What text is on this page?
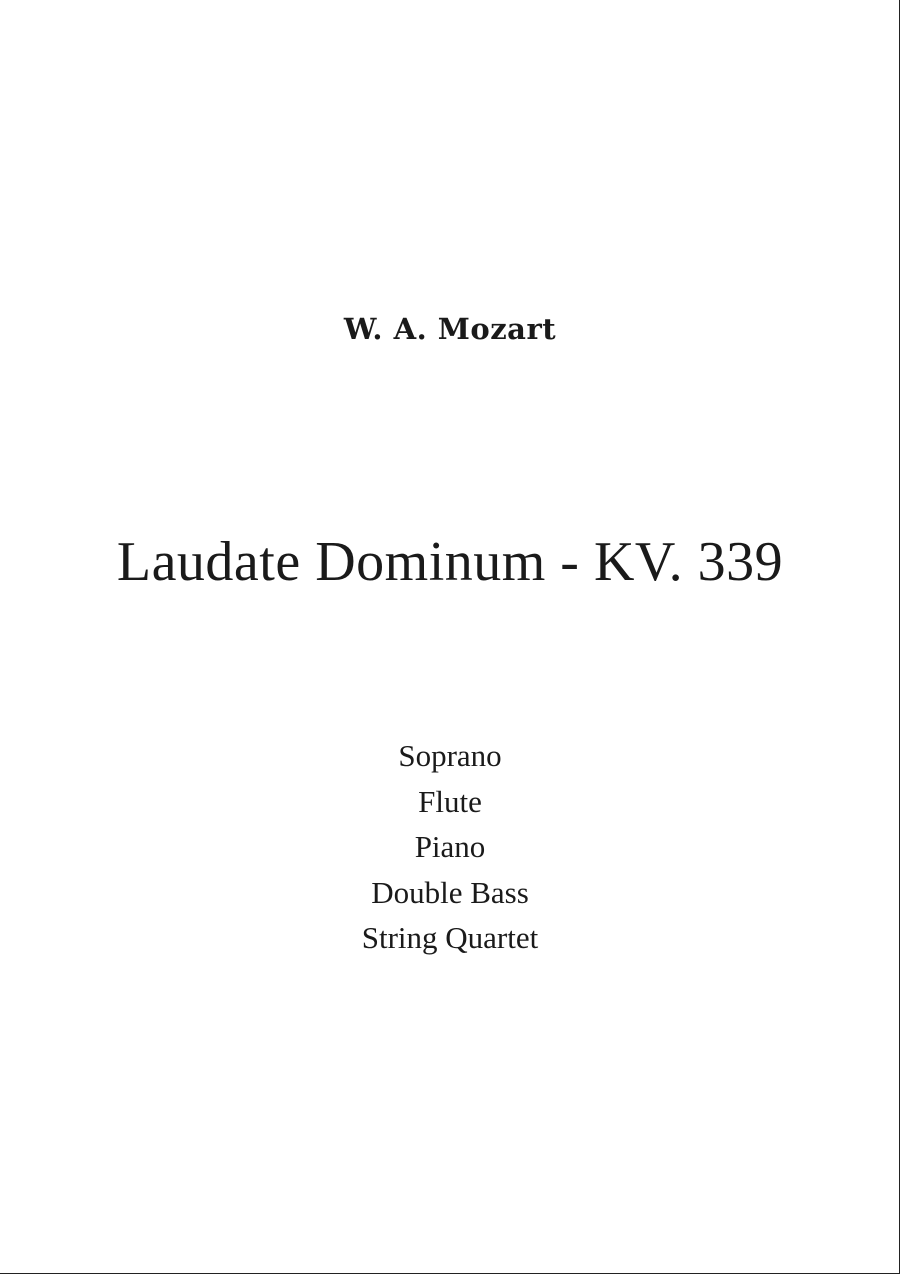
W. A. Mozart
Laudate Dominum - KV. 339
Soprano
Flute
Piano
Double Bass
String Quartet
